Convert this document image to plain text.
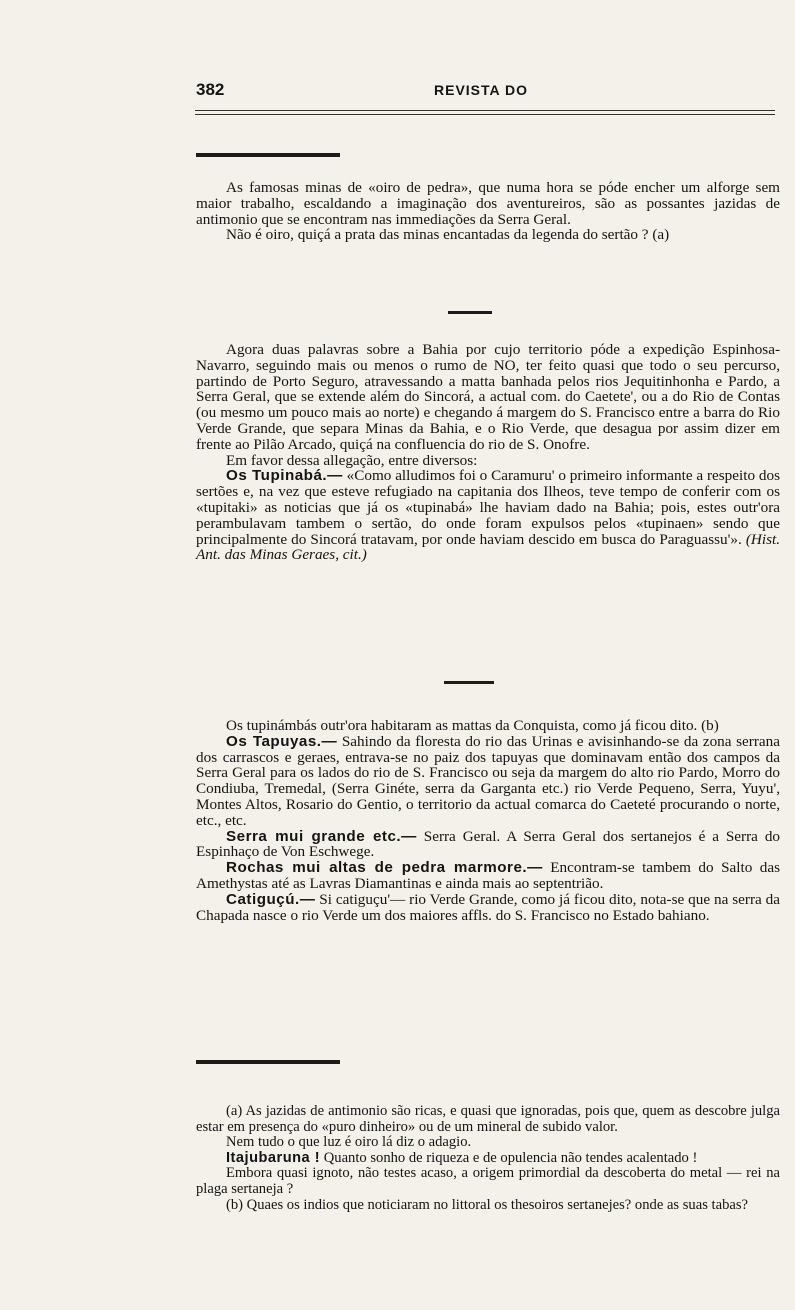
382	REVISTA DO

As famosas minas de «oiro de pedra», que numa hora se póde encher um alforge sem maior trabalho, escaldando a imaginação dos aventureiros, são as possantes jazidas de antimonio que se encontram nas immediações da Serra Geral.

Não é oiro, quiçá a prata das minas encantadas da legenda do sertão ? (a)

Agora duas palavras sobre a Bahia por cujo territorio póde a expedição Espinhosa-Navarro, seguindo mais ou menos o rumo de NO, ter feito quasi que todo o seu percurso, partindo de Porto Seguro, atravessando a matta banhada pelos rios Jequitinhonha e Pardo, a Serra Geral, que se extende além do Sincorá, a actual com. do Caetete', ou a do Rio de Contas (ou mesmo um pouco mais ao norte) e chegando á margem do S. Francisco entre a barra do Rio Verde Grande, que separa Minas da Bahia, e o Rio Verde, que desagua por assim dizer em frente ao Pilão Arcado, quiçá na confluencia do rio de S. Onofre.

Em favor dessa allegação, entre diversos:

Os Tupinabá.— «Como alludimos foi o Caramuru' o primeiro informante a respeito dos sertões e, na vez que esteve refugiado na capitania dos Ilheos, teve tempo de conferir com os «tupitaki» as noticias que já os «tupinabá» lhe haviam dado na Bahia; pois, estes outr'ora perambulavam tambem o sertão, do onde foram expulsos pelos «tupinaen» sendo que principalmente do Sincorá tratavam, por onde haviam descido em busca do Paraguassu'». (Hist. Ant. das Minas Geraes, cit.)

Os tupinámbás outr'ora habitaram as mattas da Conquista, como já ficou dito. (b)

Os Tapuyas.— Sahindo da floresta do rio das Urinas e avisinhando-se da zona serrana dos carrascos e geraes, entrava-se no paiz dos tapuyas que dominavam então dos campos da Serra Geral para os lados do rio de S. Francisco ou seja da margem do alto rio Pardo, Morro do Condiuba, Tremedal, (Serra Ginéte, serra da Garganta etc.) rio Verde Pequeno, Serra, Yuyu', Montes Altos, Rosario do Gentio, o territorio da actual comarca do Caeteté procurando o norte, etc., etc.

Serra mui grande etc.— Serra Geral. A Serra Geral dos sertanejos é a Serra do Espinhaço de Von Eschwege.

Rochas mui altas de pedra marmore.— Encontram-se tambem do Salto das Amethystas até as Lavras Diamantinas e ainda mais ao septentrião.

Catiguçú.— Si catiguçu'— rio Verde Grande, como já ficou dito, nota-se que na serra da Chapada nasce o rio Verde um dos maiores affls. do S. Francisco no Estado bahiano.

(a) As jazidas de antimonio são ricas, e quasi que ignoradas, pois que, quem as descobre julga estar em presença do «puro dinheiro» ou de um mineral de subido valor.

Nem tudo o que luz é oiro lá diz o adagio.

Itajubaruna ! Quanto sonho de riqueza e de opulencia não tendes acalentado !

Embora quasi ignoto, não testes acaso, a origem primordial da descoberta do metal — rei na plaga sertaneja ?

(b) Quaes os indios que noticiaram no littoral os thesoiros sertanejes? onde as suas tabas?
